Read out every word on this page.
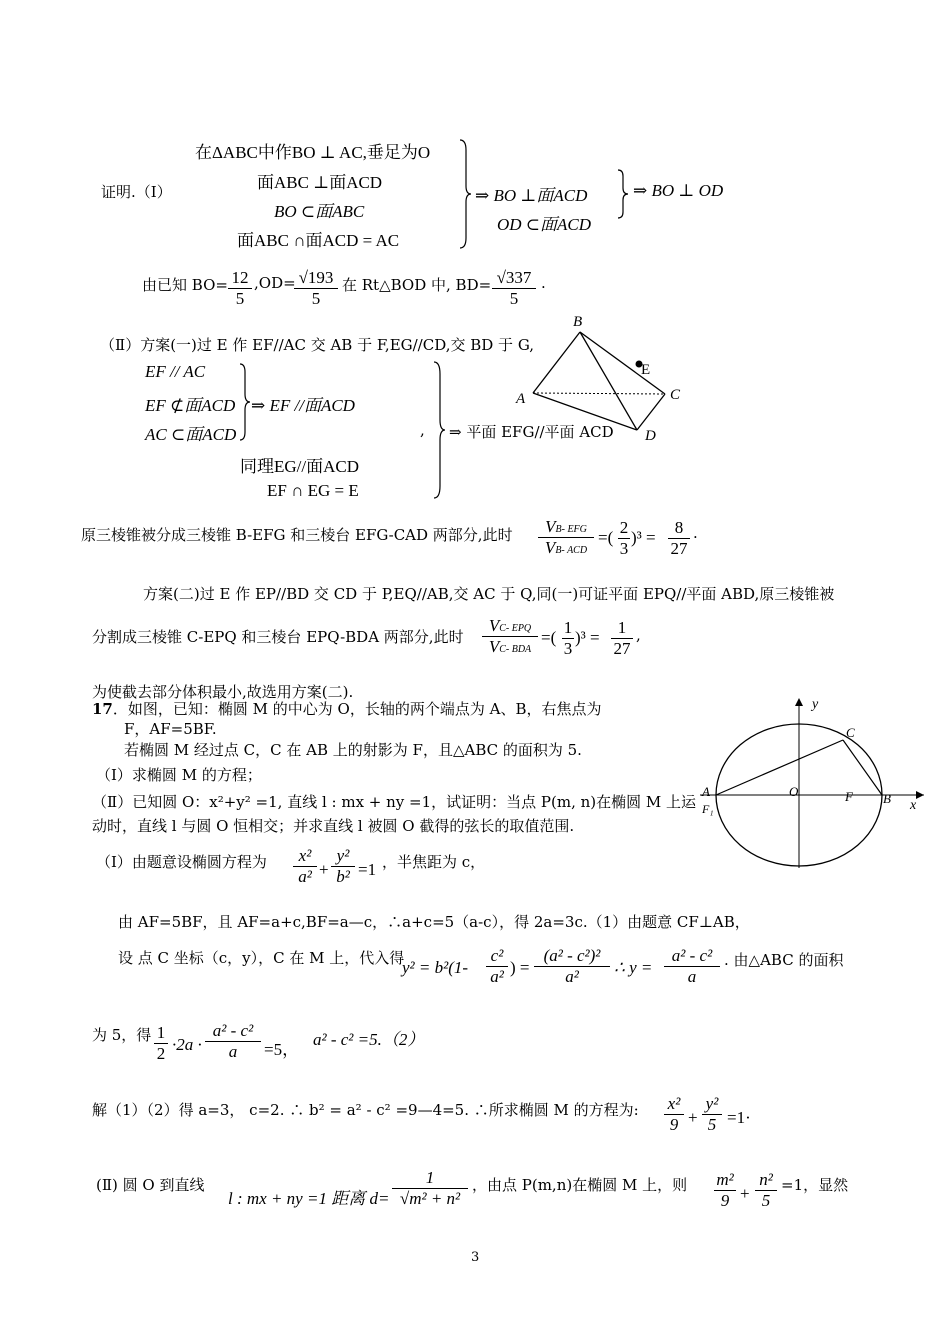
证明.（Ⅰ）
在ΔABC中作BO ⊥ AC,垂足为O
面ABC ⊥面ACD
BO ⊂面ABC
面ABC ∩面ACD = AC
⇒ BO ⊥面ACD
OD ⊂面ACD
⇒ BO ⊥ OD
由已知 BO= 12
5
,OD= √193
5
在 Rt△BOD 中, BD= √337
5
.
（Ⅱ）方案(一)过 E 作 EF//AC 交 AB 于 F,EG//CD,交 BD 于 G,
EF // AC
EF ⊄面ACD
AC ⊂面ACD
⇒ EF //面ACD
,
同理EG//面ACD
EF ∩ EG = E
⇒ 平面 EFG//平面 ACD
B
E
A	C
D
原三棱锥被分成三棱锥 B-EFG 和三棱台 EFG-CAD 两部分,此时	VB- EFG
VB- ACD
=(
2
3
)³ =
8
27
·
方案(二)过 E 作 EP//BD 交 CD 于 P,EQ//AB,交 AC 于 Q,同(一)可证平面 EPQ//平面 ABD,原三棱锥被
分割成三棱锥 C-EPQ 和三棱台 EPQ-BDA 两部分,此时
VC- EPQ
VC- BDA
=(
1
3
)³ =
1
27
,
为使截去部分体积最小,故选用方案(二).
17．如图，已知：椭圆 M 的中心为 O，长轴的两个端点为 A、B，右焦点为
F，AF=5BF.
若椭圆 M 经过点 C，C 在 AB 上的射影为 F，且△ABC 的面积为 5.
（Ⅰ）求椭圆 M 的方程；
（Ⅱ）已知圆 O：x²+y² =1, 直线 l : mx + ny =1，试证明：当点 P(m, n)在椭圆 M 上运
动时，直线 l 与圆 O 恒相交；并求直线 l 被圆 O 截得的弦长的取值范围.
y
x
C
A
F₁
O	F B
（Ⅰ）由题意设椭圆方程为	x²
a² +
y²
b² =1 ，半焦距为 c，
由 AF=5BF，且 AF=a+c,BF=a—c，∴a+c=5（a-c），得 2a=3c.（1）由题意 CF⊥AB，
设 点 C 坐标（c，y），C 在 M 上，代入得
y² = b²(1-
c²
a² ) =
(a² - c²)²
a²	∴ y =
a² - c²
a
. 由△ABC 的面积
为 5，得 1
2 ·2a ·
a² - c²
a	=5，
a² - c² =5.（2）
解（1）（2）得 a=3， c=2. ∴ b² = a² - c² =9—4=5. ∴所求椭圆 M 的方程为: x²
9 +
y²
5 =1·
(Ⅱ) 圆 O 到直线
l : mx + ny =1 距离 d=
1
√m² + n²
，由点 P(m,n)在椭圆 M 上，则 m²
9 +
n²
5
=1，显然
3
